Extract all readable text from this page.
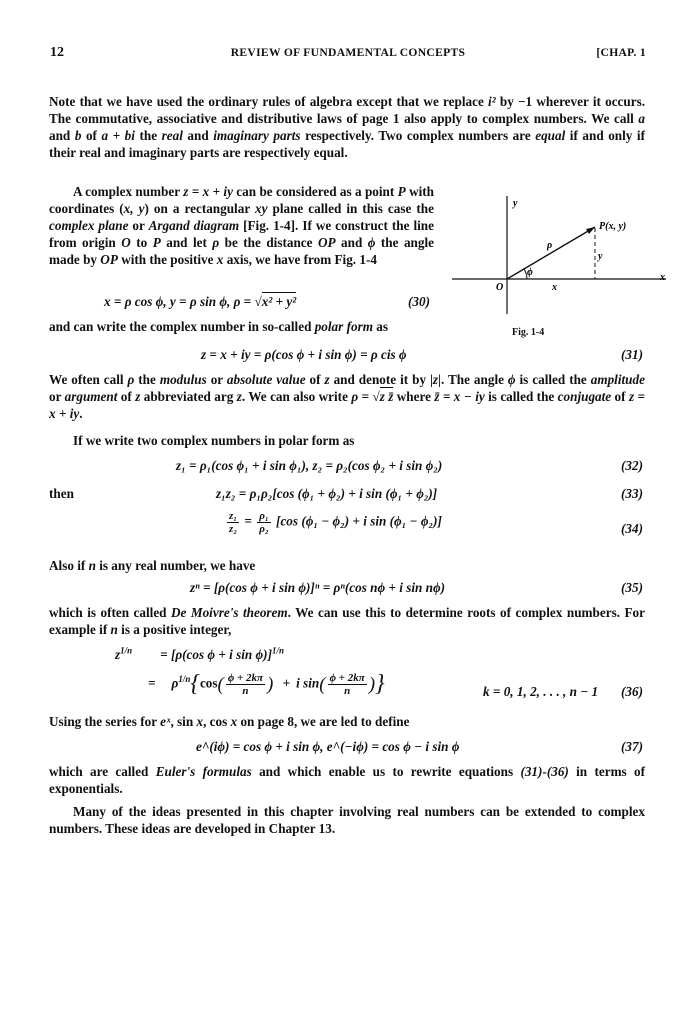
12	REVIEW OF FUNDAMENTAL CONCEPTS	[CHAP. 1
Note that we have used the ordinary rules of algebra except that we replace i² by −1 wherever it occurs. The commutative, associative and distributive laws of page 1 also apply to complex numbers. We call a and b of a + bi the real and imaginary parts respectively. Two complex numbers are equal if and only if their real and imaginary parts are respectively equal.
A complex number z = x + iy can be considered as a point P with coordinates (x, y) on a rectangular xy plane called in this case the complex plane or Argand diagram [Fig. 1-4]. If we construct the line from origin O to P and let ρ be the distance OP and ϕ the angle made by OP with the positive x axis, we have from Fig. 1-4
x = ρ cos ϕ, y = ρ sin ϕ, ρ = √x² + y²	(30)
and can write the complex number in so-called polar form as
y
x
P(x, y)
O
ρ
ϕ
x
y
Fig. 1-4
z = x + iy = ρ(cos ϕ + i sin ϕ) = ρ cis ϕ	(31)
We often call ρ the modulus or absolute value of z and denote it by |z|. The angle ϕ is called the amplitude or argument of z abbreviated arg z. We can also write ρ = √z z̄ where z̄ = x − iy is called the conjugate of z = x + iy.
If we write two complex numbers in polar form as
z₁ = ρ₁(cos ϕ₁ + i sin ϕ₁), z₂ = ρ₂(cos ϕ₂ + i sin ϕ₂)	(32)
then	z₁z₂ = ρ₁ρ₂[cos (ϕ₁ + ϕ₂) + i sin (ϕ₁ + ϕ₂)]	(33)
$\frac{\text{z₁}}{\text{z₂}} = \frac{\text{ρ₁}}{\text{ρ₂}} [\cos$ (ϕ₁ − ϕ₂) + i sin (ϕ₁ − ϕ₂)]	(34)
Also if n is any real number, we have
zⁿ = [ρ(cos ϕ + i sin ϕ)]ⁿ = ρⁿ(cos nϕ + i sin nϕ)	(35)
which is often called De Moivre's theorem. We can use this to determine roots of complex numbers. For example if n is a positive integer,
$z^{1/n} = [\rho(\cos$ ϕ + i sin ϕ)]$^{1/n}$
= $\rho^{1/n}\{\cos( \frac{\phi + 2k\pi}{n}$ ) + i $\sin( \frac{\phi + 2k\pi}{n}$ )}	k = 0, 1, 2, . . . , n − 1 (36)
Using the series for eˣ, sin x, cos x on page 8, we are led to define
e^(iϕ) = cos ϕ + i sin ϕ, e^(−iϕ) = cos ϕ − i sin ϕ	(37)
which are called Euler's formulas and which enable us to rewrite equations (31)-(36) in terms of exponentials.
Many of the ideas presented in this chapter involving real numbers can be extended to complex numbers. These ideas are developed in Chapter 13.
